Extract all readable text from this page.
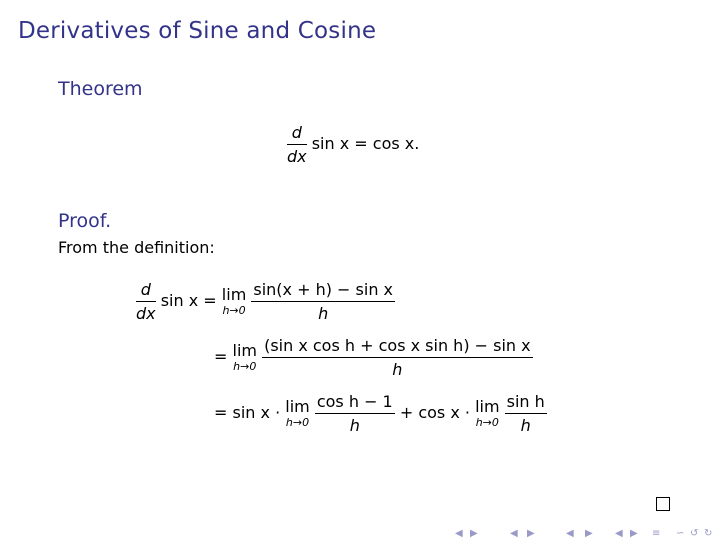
Derivatives of Sine and Cosine
Theorem
$\frac{d}{dx}$ sin x = cos x.
Proof.
From the definition:
$\frac{d}{dx}$ sin x = lim
h→0
$\frac{\text{sin(x + h) − sin x}}{h}$
= lim
h→0
$\frac{\text{(sin x cos h + cos x sin h) − sin x}}{h}$
= sin x · lim
h→0
$\frac{\text{cos h − 1}}{h} + \cos x \cdot \lim$
h→0
$\frac{\text{sin h}}{h}$
◀ ▶	◀ ▶	◀ ▶ ◀ ▶ ≡ ∽ ↺ ↻
